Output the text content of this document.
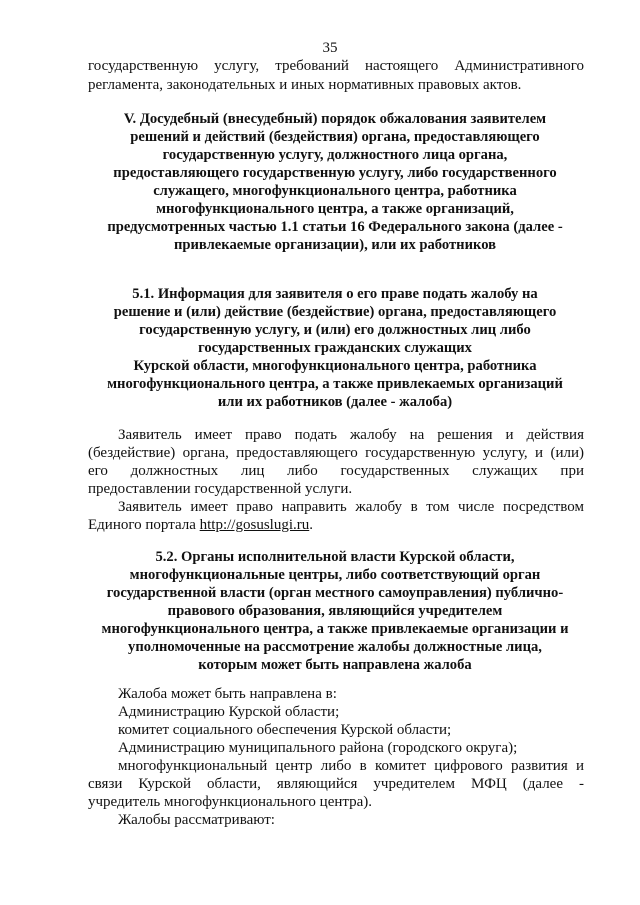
35
государственную услугу, требований настоящего Административного
регламента, законодательных и иных нормативных правовых актов.
V. Досудебный (внесудебный) порядок обжалования заявителем
решений и действий (бездействия) органа, предоставляющего
государственную услугу, должностного лица органа,
предоставляющего государственную услугу, либо государственного
служащего, многофункционального центра, работника
многофункционального центра, а также организаций,
предусмотренных частью 1.1 статьи 16 Федерального закона (далее -
привлекаемые организации), или их работников
5.1. Информация для заявителя о его праве подать жалобу на
решение и (или) действие (бездействие) органа, предоставляющего
государственную услугу, и (или) его должностных лиц либо
государственных гражданских служащих
Курской области, многофункционального центра, работника
многофункционального центра, а также привлекаемых организаций
или их работников (далее - жалоба)
Заявитель имеет право подать жалобу на решения и действия
(бездействие) органа, предоставляющего государственную услугу, и (или)
его должностных лиц либо государственных служащих при
предоставлении государственной услуги.
Заявитель имеет право направить жалобу в том числе посредством
Единого портала http://gosuslugi.ru.
5.2. Органы исполнительной власти Курской области,
многофункциональные центры, либо соответствующий орган
государственной власти (орган местного самоуправления) публично-
правового образования, являющийся учредителем
многофункционального центра, а также привлекаемые организации и
уполномоченные на рассмотрение жалобы должностные лица,
которым может быть направлена жалоба
Жалоба может быть направлена в:
Администрацию Курской области;
комитет социального обеспечения Курской области;
Администрацию муниципального района (городского округа);
многофункциональный центр либо в комитет цифрового развития и
связи Курской области, являющийся учредителем МФЦ (далее -
учредитель многофункционального центра).
Жалобы рассматривают:
